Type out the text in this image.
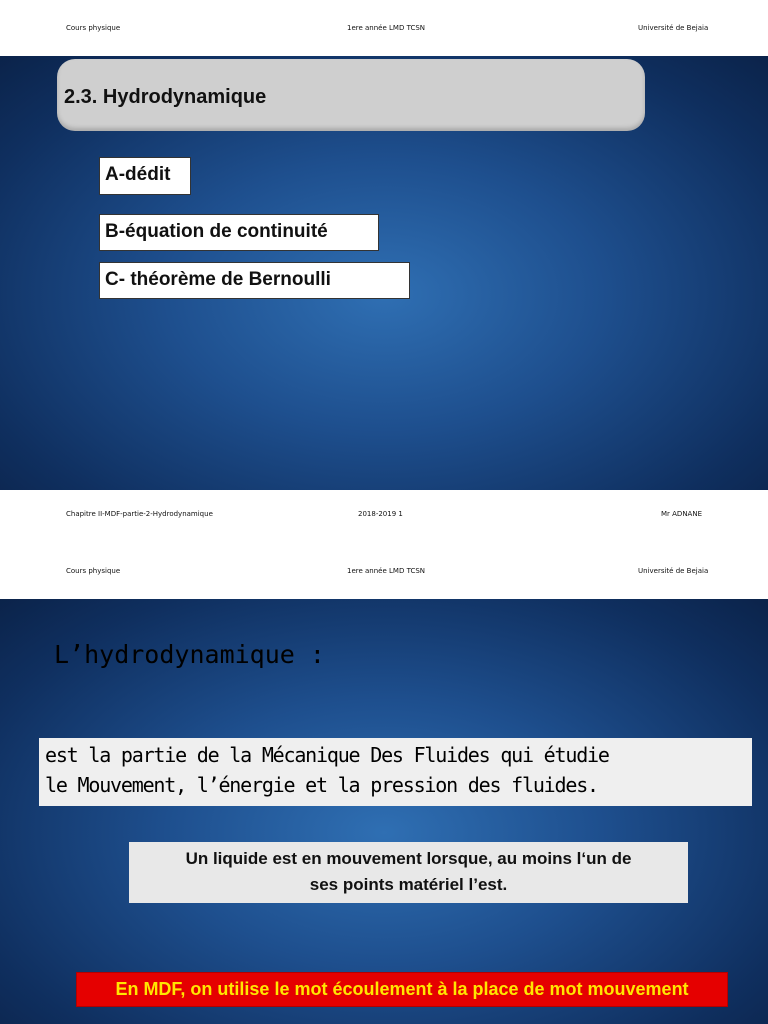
Cours physique	1ere année LMD TCSN	Université de Bejaia
2.3. Hydrodynamique
A-dédit
B-équation de continuité
C- théorème de Bernoulli
Chapitre II-MDF-partie-2-Hydrodynamique	2018-2019 1	Mr ADNANE
Cours physique	1ere année LMD TCSN	Université de Bejaia
L’hydrodynamique :
est la partie de la Mécanique Des Fluides qui étudie
le Mouvement, l’énergie et la pression des fluides.
Un liquide est en mouvement lorsque, au moins l‘un de
ses points matériel l’est.
En MDF, on utilise le mot écoulement à la place de mot mouvement
